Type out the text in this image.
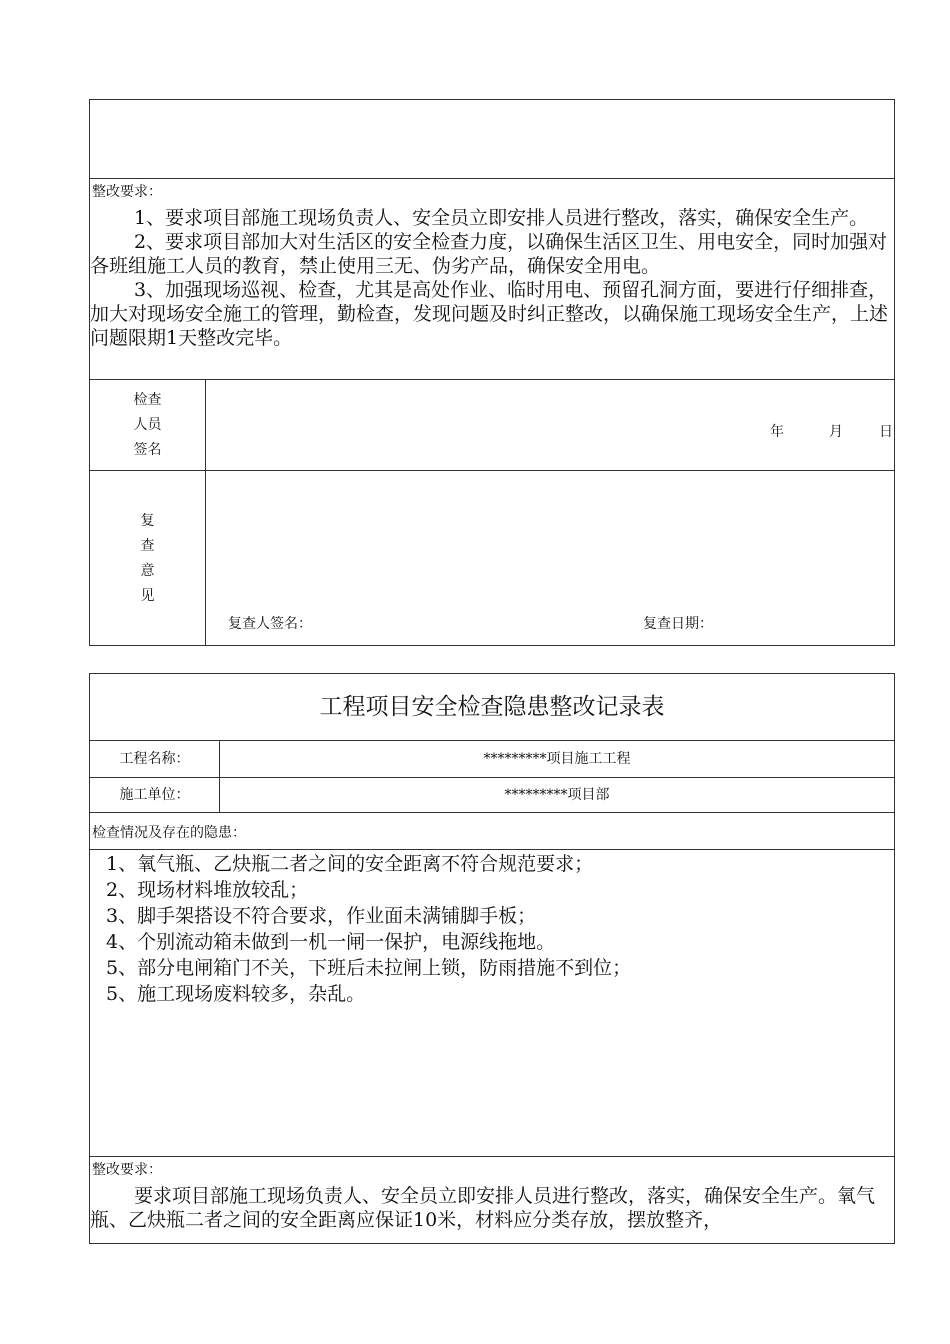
整改要求：
1、要求项目部施工现场负责人、安全员立即安排人员进行整改，落实，确保安全生产。
2、要求项目部加大对生活区的安全检查力度，以确保生活区卫生、用电安全，同时加强对各班组施工人员的教育，禁止使用三无、伪劣产品，确保安全用电。
3、加强现场巡视、检查，尤其是高处作业、临时用电、预留孔洞方面，要进行仔细排查，加大对现场安全施工的管理，勤检查，发现问题及时纠正整改，以确保施工现场安全生产，上述问题限期1天整改完毕。
检查
人员
签名
年	月	日
复
查
意
见
复查人签名：	复查日期：
工程项目安全检查隐患整改记录表
工程名称：	*********项目施工工程
施工单位：	*********项目部
检查情况及存在的隐患：
1、氧气瓶、乙炔瓶二者之间的安全距离不符合规范要求；
2、现场材料堆放较乱；
3、脚手架搭设不符合要求，作业面未满铺脚手板；
4、个别流动箱未做到一机一闸一保护，电源线拖地。
5、部分电闸箱门不关，下班后未拉闸上锁，防雨措施不到位；
5、施工现场废料较多，杂乱。
整改要求：
要求项目部施工现场负责人、安全员立即安排人员进行整改，落实，确保安全生产。氧气瓶、乙炔瓶二者之间的安全距离应保证10米，材料应分类存放，摆放整齐，
